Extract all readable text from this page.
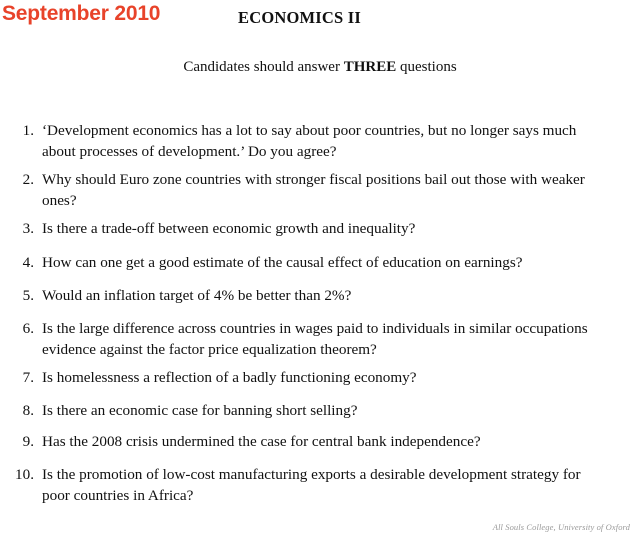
September 2010	ECONOMICS II
Candidates should answer THREE questions
1. ‘Development economics has a lot to say about poor countries, but no longer says much
about processes of development.’ Do you agree?
2. Why should Euro zone countries with stronger fiscal positions bail out those with weaker
ones?
3. Is there a trade-off between economic growth and inequality?
4. How can one get a good estimate of the causal effect of education on earnings?
5. Would an inflation target of 4% be better than 2%?
6. Is the large difference across countries in wages paid to individuals in similar occupations
evidence against the factor price equalization theorem?
7. Is homelessness a reflection of a badly functioning economy?
8. Is there an economic case for banning short selling?
9. Has the 2008 crisis undermined the case for central bank independence?
10. Is the promotion of low-cost manufacturing exports a desirable development strategy for
poor countries in Africa?
All Souls College, University of Oxford
